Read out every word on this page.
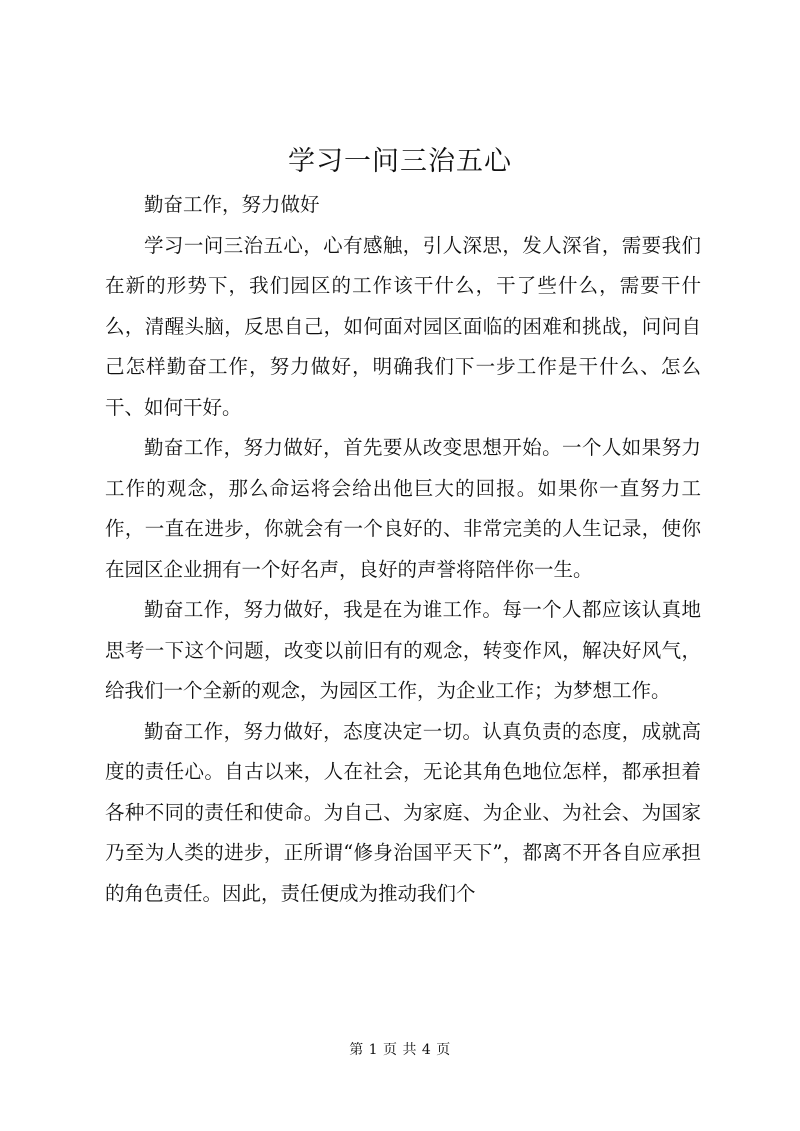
学习一问三治五心

勤奋工作，努力做好

学习一问三治五心，心有感触，引人深思，发人深省，需要我们在新的形势下，我们园区的工作该干什么，干了些什么，需要干什么，清醒头脑，反思自己，如何面对园区面临的困难和挑战，问问自己怎样勤奋工作，努力做好，明确我们下一步工作是干什么、怎么干、如何干好。

勤奋工作，努力做好，首先要从改变思想开始。一个人如果努力工作的观念，那么命运将会给出他巨大的回报。如果你一直努力工作，一直在进步，你就会有一个良好的、非常完美的人生记录，使你在园区企业拥有一个好名声，良好的声誉将陪伴你一生。

勤奋工作，努力做好，我是在为谁工作。每一个人都应该认真地思考一下这个问题，改变以前旧有的观念，转变作风，解决好风气，给我们一个全新的观念，为园区工作，为企业工作；为梦想工作。

勤奋工作，努力做好，态度决定一切。认真负责的态度，成就高度的责任心。自古以来，人在社会，无论其角色地位怎样，都承担着各种不同的责任和使命。为自己、为家庭、为企业、为社会、为国家乃至为人类的进步，正所谓“修身治国平天下”，都离不开各自应承担的角色责任。因此，责任便成为推动我们个

第 1 页 共 4 页
